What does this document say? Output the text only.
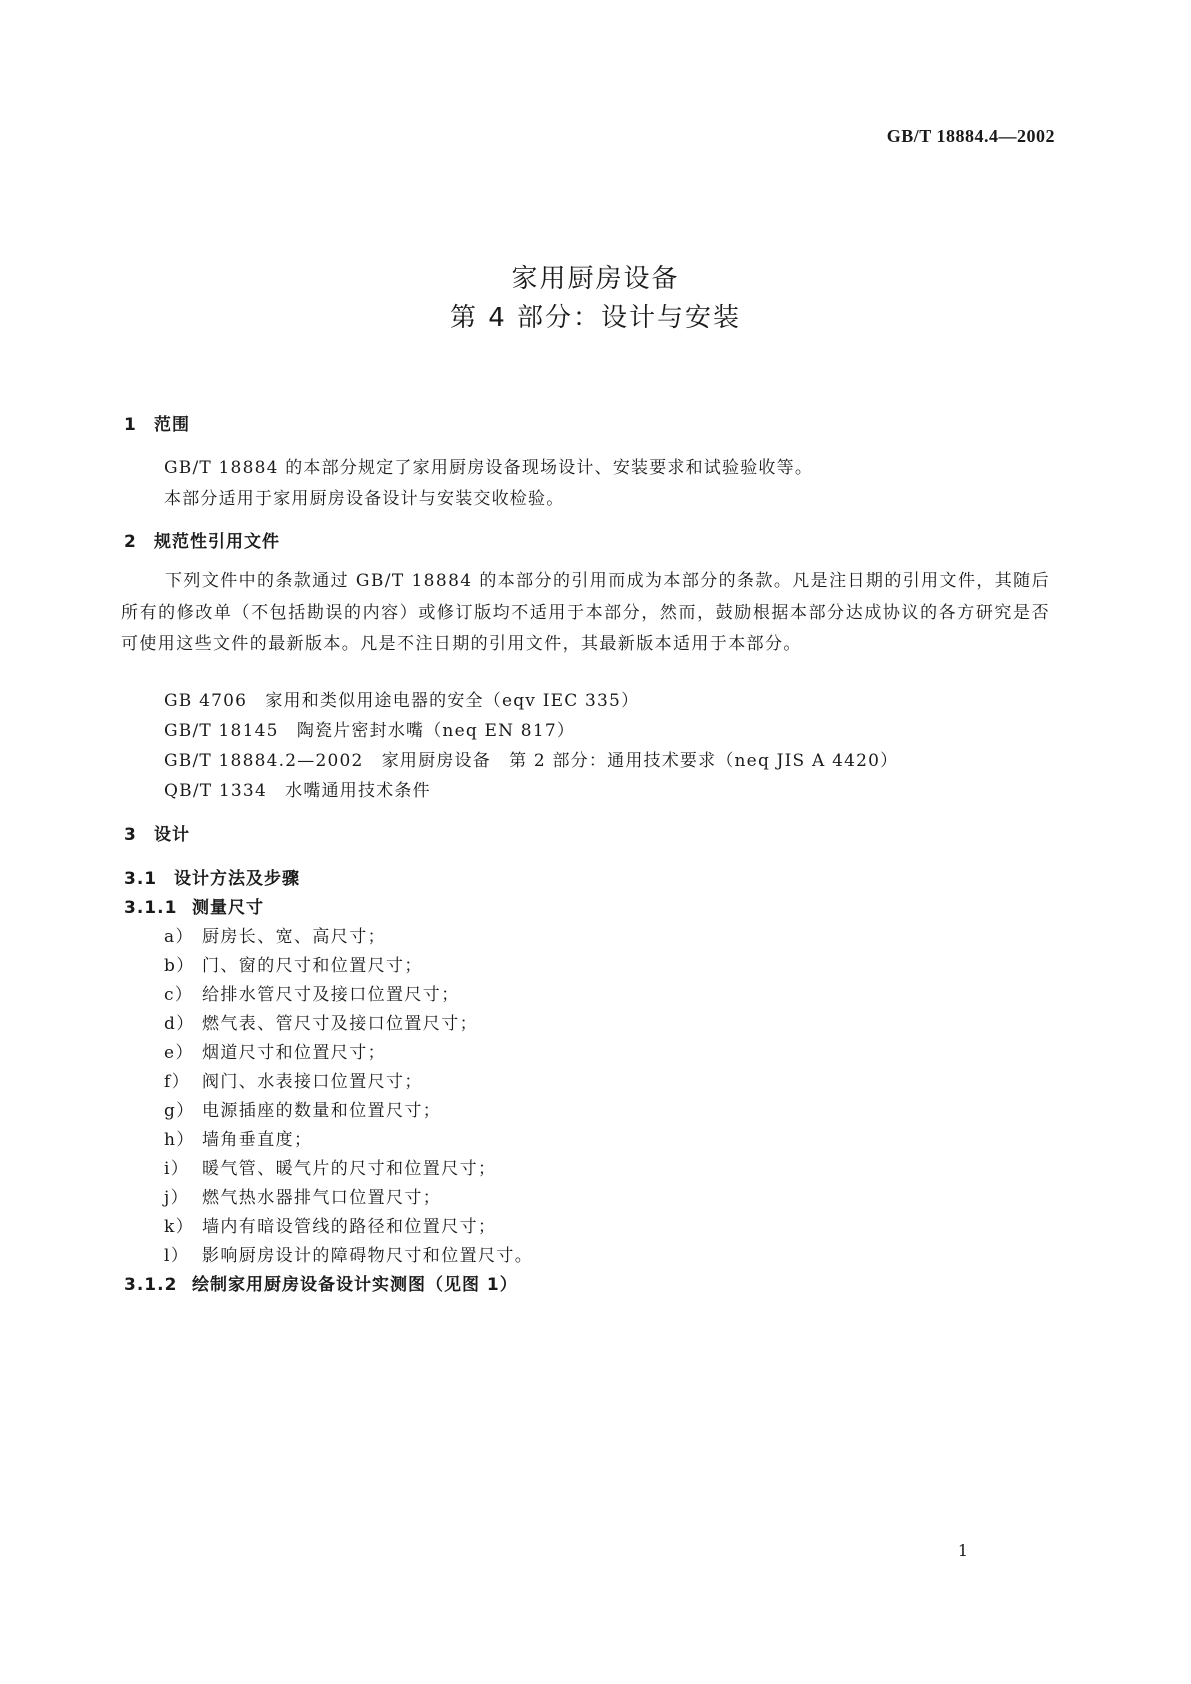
GB/T 18884.4—2002
家用厨房设备
第 4 部分：设计与安装
1 范围
GB/T 18884 的本部分规定了家用厨房设备现场设计、安装要求和试验验收等。
本部分适用于家用厨房设备设计与安装交收检验。
2 规范性引用文件
下列文件中的条款通过 GB/T 18884 的本部分的引用而成为本部分的条款。凡是注日期的引用文件，其随后所有的修改单（不包括勘误的内容）或修订版均不适用于本部分，然而，鼓励根据本部分达成协议的各方研究是否可使用这些文件的最新版本。凡是不注日期的引用文件，其最新版本适用于本部分。
GB 4706　家用和类似用途电器的安全（eqv IEC 335）
GB/T 18145　陶瓷片密封水嘴（neq EN 817）
GB/T 18884.2—2002　家用厨房设备　第 2 部分：通用技术要求（neq JIS A 4420）
QB/T 1334　水嘴通用技术条件
3 设计
3.1 设计方法及步骤
3.1.1 测量尺寸
a） 厨房长、宽、高尺寸；
b） 门、窗的尺寸和位置尺寸；
c） 给排水管尺寸及接口位置尺寸；
d） 燃气表、管尺寸及接口位置尺寸；
e） 烟道尺寸和位置尺寸；
f） 阀门、水表接口位置尺寸；
g） 电源插座的数量和位置尺寸；
h） 墙角垂直度；
i） 暖气管、暖气片的尺寸和位置尺寸；
j） 燃气热水器排气口位置尺寸；
k） 墙内有暗设管线的路径和位置尺寸；
l） 影响厨房设计的障碍物尺寸和位置尺寸。
3.1.2 绘制家用厨房设备设计实测图（见图 1）
1
